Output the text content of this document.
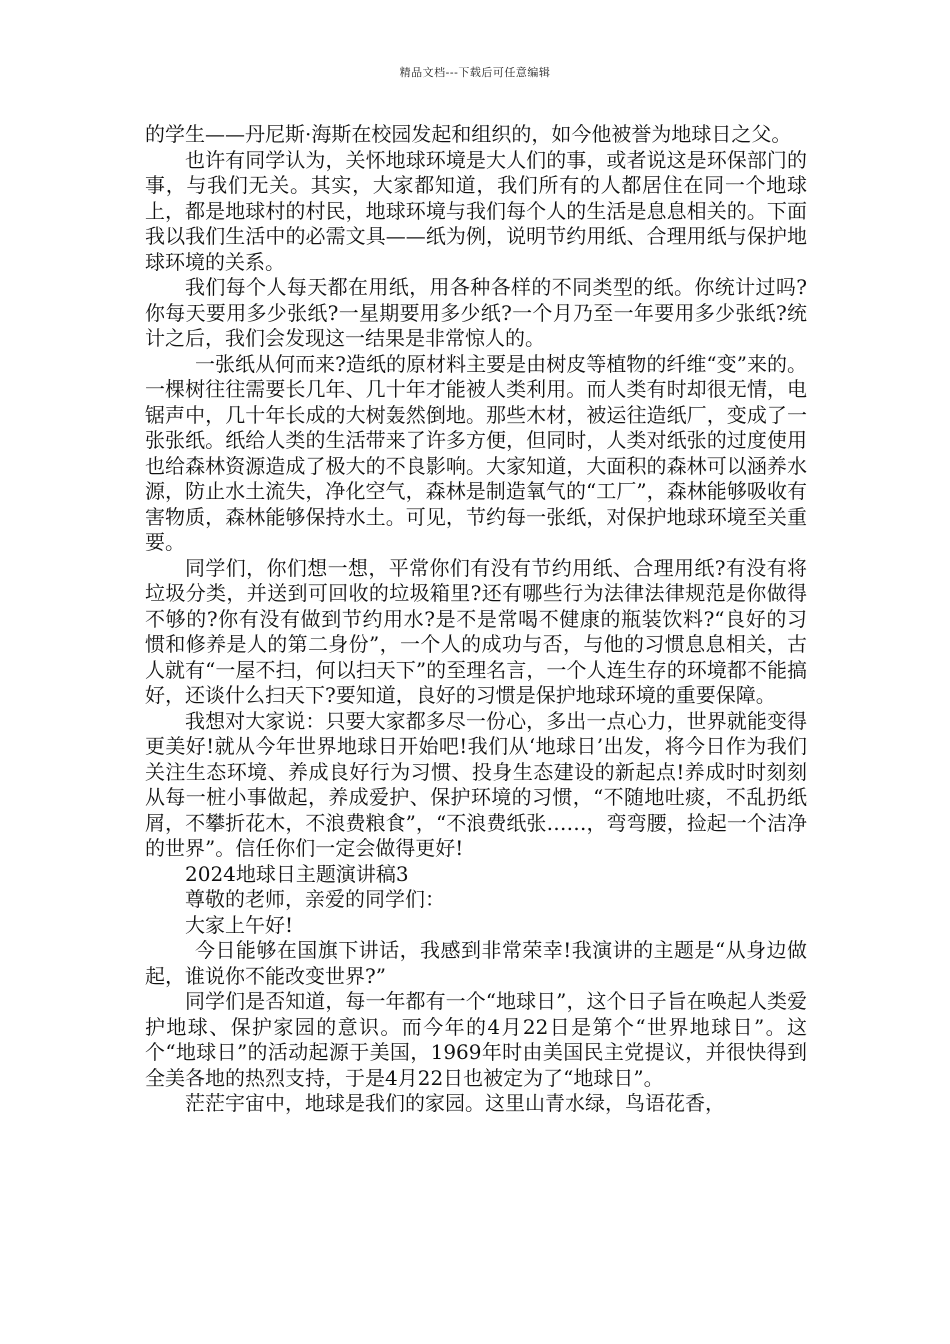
精品文档---下载后可任意编辑

的学生——丹尼斯·海斯在校园发起和组织的，如今他被誉为地球日之父。

也许有同学认为，关怀地球环境是大人们的事，或者说这是环保部门的事，与我们无关。其实，大家都知道，我们所有的人都居住在同一个地球上，都是地球村的村民，地球环境与我们每个人的生活是息息相关的。下面我以我们生活中的必需文具——纸为例，说明节约用纸、合理用纸与保护地球环境的关系。

我们每个人每天都在用纸，用各种各样的不同类型的纸。你统计过吗?你每天要用多少张纸?一星期要用多少纸?一个月乃至一年要用多少张纸?统计之后，我们会发现这一结果是非常惊人的。

一张纸从何而来?造纸的原材料主要是由树皮等植物的纤维“变”来的。一棵树往往需要长几年、几十年才能被人类利用。而人类有时却很无情，电锯声中，几十年长成的大树轰然倒地。那些木材，被运往造纸厂，变成了一张张纸。纸给人类的生活带来了许多方便，但同时，人类对纸张的过度使用也给森林资源造成了极大的不良影响。大家知道，大面积的森林可以涵养水源，防止水土流失，净化空气，森林是制造氧气的“工厂”，森林能够吸收有害物质，森林能够保持水土。可见，节约每一张纸，对保护地球环境至关重要。

同学们，你们想一想，平常你们有没有节约用纸、合理用纸?有没有将垃圾分类，并送到可回收的垃圾箱里?还有哪些行为法律法律规范是你做得不够的?你有没有做到节约用水?是不是常喝不健康的瓶装饮料?“良好的习惯和修养是人的第二身份”，一个人的成功与否，与他的习惯息息相关，古人就有“一屋不扫，何以扫天下”的至理名言，一个人连生存的环境都不能搞好，还谈什么扫天下?要知道，良好的习惯是保护地球环境的重要保障。

我想对大家说：只要大家都多尽一份心，多出一点心力，世界就能变得更美好!就从今年世界地球日开始吧!我们从‘地球日’出发，将今日作为我们关注生态环境、养成良好行为习惯、投身生态建设的新起点!养成时时刻刻从每一桩小事做起，养成爱护、保护环境的习惯，“不随地吐痰，不乱扔纸屑，不攀折花木，不浪费粮食”，“不浪费纸张……，弯弯腰，捡起一个洁净的世界”。信任你们一定会做得更好!

2024地球日主题演讲稿3

尊敬的老师，亲爱的同学们：

大家上午好!

今日能够在国旗下讲话，我感到非常荣幸!我演讲的主题是“从身边做起，谁说你不能改变世界?”

同学们是否知道，每一年都有一个“地球日”，这个日子旨在唤起人类爱护地球、保护家园的意识。而今年的4月22日是第个“世界地球日”。这个“地球日”的活动起源于美国，1969年时由美国民主党提议，并很快得到全美各地的热烈支持，于是4月22日也被定为了“地球日”。

茫茫宇宙中，地球是我们的家园。这里山青水绿，鸟语花香，
